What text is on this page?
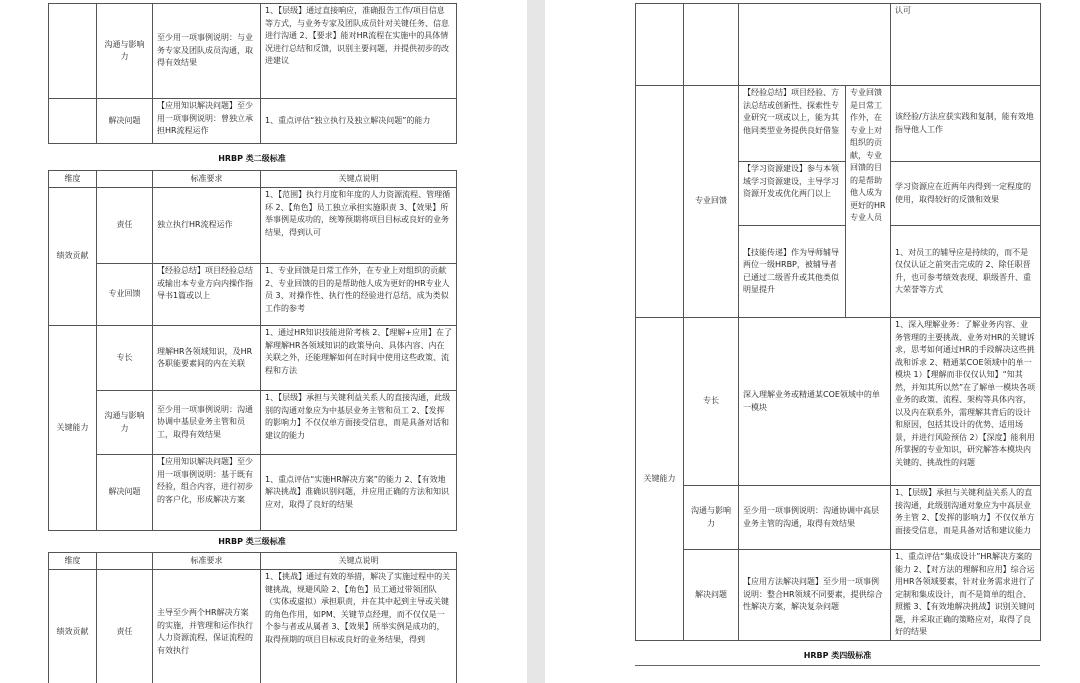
	沟通与影响力	至少用一项事例说明：与业务专家及团队成员沟通，取得有效结果	1、【层级】通过直接响应，准确报告工作/项目信息等方式，与业务专家及团队成员针对关键任务、信息进行沟通 2、【要求】能对HR流程在实施中的具体情况进行总结和反馈，识别主要问题，并提供初步的改进建议
	解决问题	【应用知识解决问题】至少用一项事例说明：曾独立承担HR流程运作	1、重点评估“独立执行及独立解决问题”的能力
HRBP 类二级标准
维度		标准要求	关键点说明
绩效贡献	责任	独立执行HR流程运作	1、【范围】执行月度和年度的人力资源流程、管理循环 2、【角色】员工独立承担实施职责 3、【效果】所举事例是成功的，统筹预期将项目目标或良好的业务结果，得到认可
	专业回馈	【经验总结】项目经验总结或输出本专业方向内操作指导书1篇或以上	1、专业回馈是日常工作外，在专业上对组织的贡献 2、专业回馈的目的是帮助他人成为更好的HR专业人员 3、对操作性、执行性的经验进行总结，成为类似工作的参考
关键能力	专长	理解HR各领域知识，及HR各职能要素间的内在关联	1、通过HR知识技能进阶考核 2、【理解+应用】在了解理解HR各领域知识的政策导向、具体内容、内在关联之外，还能理解如何在时间中使用这些政策、流程和方法
	沟通与影响力	至少用一项事例说明：沟通协调中基层业务主管和员工，取得有效结果	1、【层级】承担与关键利益关系人的直接沟通，此级别的沟通对象应为中基层业务主管和员工 2、【发挥的影响力】不仅仅单方面接受信息，而是具备对话和建议的能力
	解决问题	【应用知识解决问题】至少用一项事例说明：基于既有经验，组合内容，进行初步的客户化，形成解决方案	1、重点评估“实施HR解决方案”的能力 2、【有效地解决挑战】准确识别问题，并应用正确的方法和知识应对，取得了良好的结果
HRBP 类三级标准
维度		标准要求	关键点说明
绩效贡献	责任	主导至少两个HR解决方案的实施，并管理和运作执行人力资源流程，保证流程的有效执行	1、【挑战】通过有效的举措，解决了实施过程中的关键挑战，规避风险 2、【角色】员工通过带领团队（实体或虚拟）承担职责，并在其中起到主导或关键的角色作用，如PM、关键节点经理，而不仅仅是一个参与者或从属者 3、【效果】所举实例是成功的，取得预期的项目目标或良好的业务结果，得到
				认可
	专业回馈	【经验总结】项目经验、方法总结或创新性、探索性专业研究一项或以上，能为其他同类型业务提供良好借鉴	专业回馈是日常工作外，在专业上对组织的贡献，专业回馈的目的是帮助他人成为更好的HR专业人员	该经验/方法应获实践和复制，能有效地指导他人工作
		【学习资源建设】参与本领域学习资源建设，主导学习资源开发或优化两门以上		学习资源应在近两年内得到一定程度的使用，取得较好的反馈和效果
		【技能传递】作为导师辅导两位一级HRBP，被辅导者已通过二级晋升或其他类似明显提升		1、对员工的辅导应是持续的，而不是仅仅认证之前突击完成的 2、除任职晋升，也可参考绩效表现、职级晋升、重大荣誉等方式
关键能力	专长	深入理解业务或精通某COE领域中的单一模块		1、深入理解业务：了解业务内容、业务管理的主要挑战、业务对HR的关键诉求，思考如何通过HR的手段解决这些挑战和诉求 2、精通某COE领域中的单一模块 1）【理解而非仅仅认知】“知其然，并知其所以然”在了解单一模块各项业务的政策、流程、架构等具体内容，以及内在联系外，需理解其背后的设计和原因，包括其设计的优势、适用场景，并进行风险预估 2）【深度】能利用所掌握的专业知识，研究解答本模块内关键的、挑战性的问题
	沟通与影响力	至少用一项事例说明：沟通协调中高层业务主管的沟通，取得有效结果		1、【层级】承担与关键利益关系人的直接沟通，此级别沟通对象应为中高层业务主管 2、【发挥的影响力】不仅仅单方面接受信息，而是具备对话和建议能力
	解决问题	【应用方法解决问题】至少用一项事例说明：整合HR领域不同要素，提供综合性解决方案，解决复杂问题		1、重点评估“集成设计”HR解决方案的能力 2、【对方法的理解和应用】综合运用HR各领域要素，针对业务需求进行了定制和集成设计，而不是简单的组合、照搬 3、【有效地解决挑战】识别关键问题，并采取正确的策略应对，取得了良好的结果
HRBP 类四级标准
